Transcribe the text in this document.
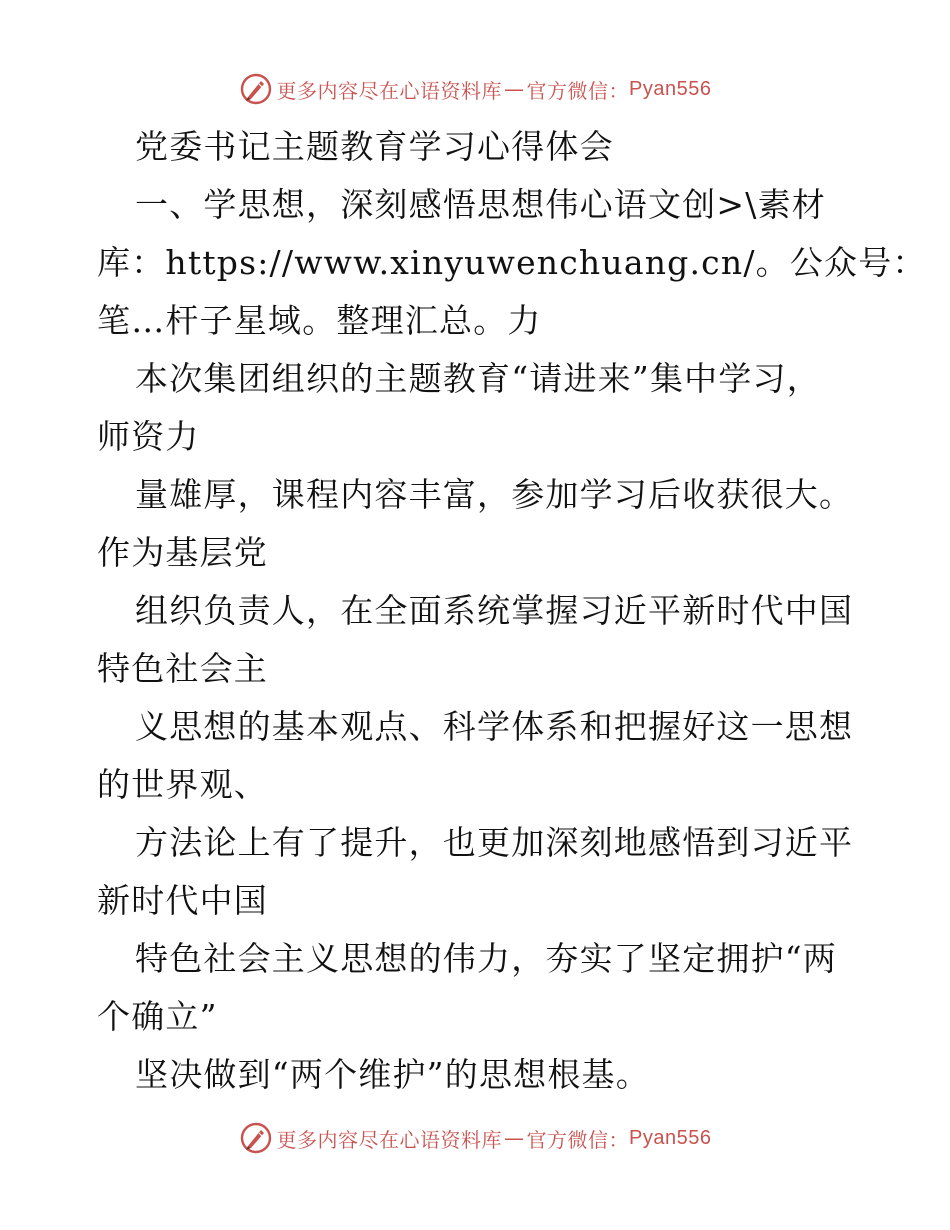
更多内容尽在心语资料库 — 官方微信： Pyan556
党委书记主题教育学习心得体会
一、学思想，深刻感悟思想伟心语文创>\素材
库：https://www.xinyuwenchuang.cn/。公众号：
笔…杆子星域。整理汇总。力
本次集团组织的主题教育“请进来”集中学习，
师资力
量雄厚，课程内容丰富，参加学习后收获很大。
作为基层党
组织负责人，在全面系统掌握习近平新时代中国
特色社会主
义思想的基本观点、科学体系和把握好这一思想
的世界观、
方法论上有了提升，也更加深刻地感悟到习近平
新时代中国
特色社会主义思想的伟力，夯实了坚定拥护“两
个确立”
坚决做到“两个维护”的思想根基。
更多内容尽在心语资料库 — 官方微信： Pyan556
